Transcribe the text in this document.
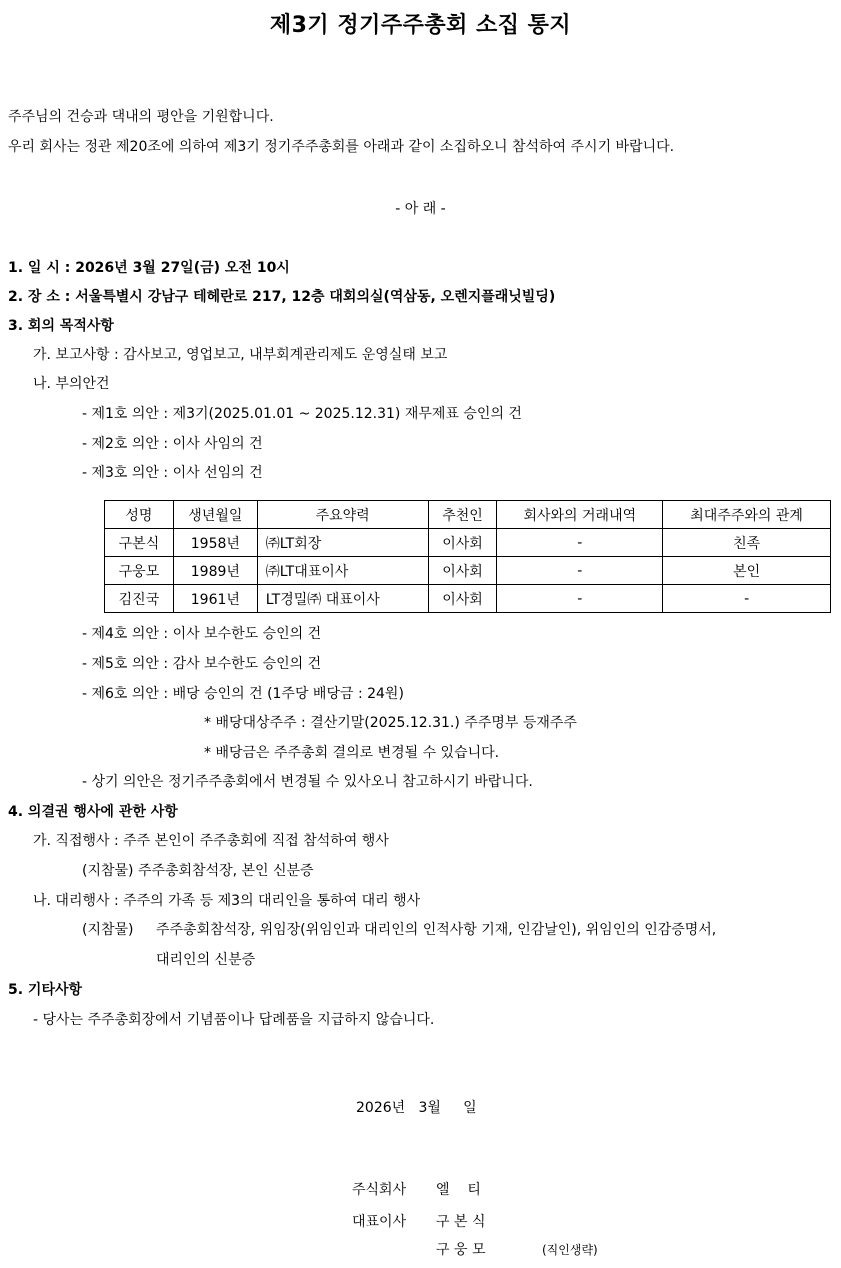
제3기 정기주주총회 소집 통지
주주님의 건승과 댁내의 평안을 기원합니다.
우리 회사는 정관 제20조에 의하여 제3기 정기주주총회를 아래과 같이 소집하오니 참석하여 주시기 바랍니다.
- 아 래 -
1. 일 시 : 2026년 3월 27일(금) 오전 10시
2. 장 소 : 서울특별시 강남구 테헤란로 217, 12층 대회의실(역삼동, 오렌지플래닛빌딩)
3. 회의 목적사항
가. 보고사항 : 감사보고, 영업보고, 내부회계관리제도 운영실태 보고
나. 부의안건
- 제1호 의안 : 제3기(2025.01.01 ~ 2025.12.31) 재무제표 승인의 건
- 제2호 의안 : 이사 사임의 건
- 제3호 의안 : 이사 선임의 건
성명	생년월일	주요약력	추천인	회사와의 거래내역	최대주주와의 관계
구본식	1958년	㈜LT회장	이사회	-	친족
구웅모	1989년	㈜LT대표이사	이사회	-	본인
김진국	1961년	LT경밀㈜ 대표이사	이사회	-	-
- 제4호 의안 : 이사 보수한도 승인의 건
- 제5호 의안 : 감사 보수한도 승인의 건
- 제6호 의안 : 배당 승인의 건 (1주당 배당금 : 24원)
* 배당대상주주 : 결산기말(2025.12.31.) 주주명부 등재주주
* 배당금은 주주총회 결의로 변경될 수 있습니다.
- 상기 의안은 정기주주총회에서 변경될 수 있사오니 참고하시기 바랍니다.
4. 의결권 행사에 관한 사항
가. 직접행사 : 주주 본인이 주주총회에 직접 참석하여 행사
(지참물) 주주총회참석장, 본인 신분증
나. 대리행사 : 주주의 가족 등 제3의 대리인을 통하여 대리 행사
(지참물) 주주총회참석장, 위임장(위임인과 대리인의 인적사항 기재, 인감날인), 위임인의 인감증명서,
대리인의 신분증
5. 기타사항
- 당사는 주주총회장에서 기념품이나 답례품을 지급하지 않습니다.
2026년   3월     일
주식회사 엘    티
대표이사 구 본 식
구 웅 모	(직인생략)
